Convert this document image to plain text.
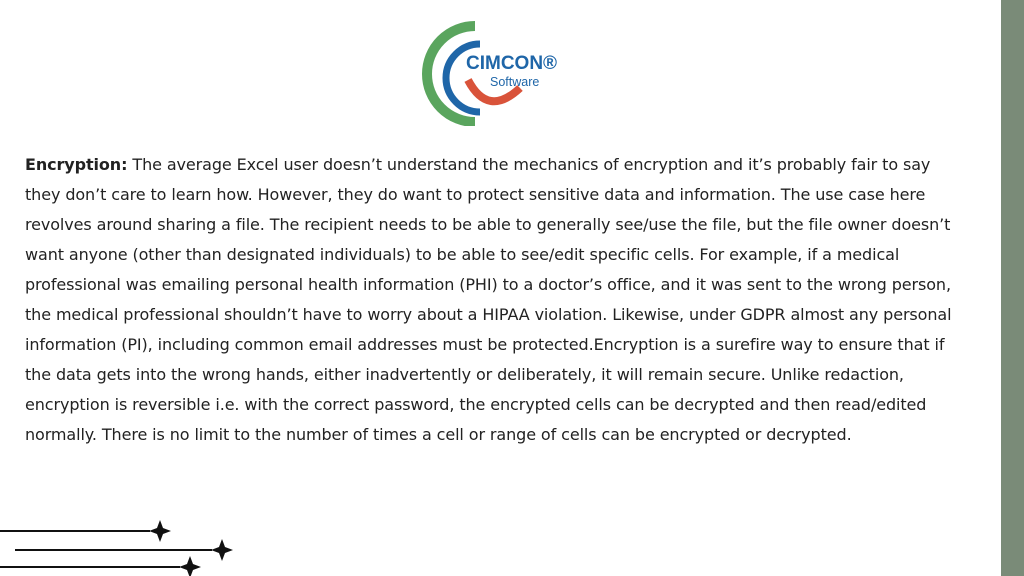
CIMCON®
Software

Encryption: The average Excel user doesn’t understand the mechanics of encryption and it’s probably fair to say they don’t care to learn how. However, they do want to protect sensitive data and information. The use case here revolves around sharing a file. The recipient needs to be able to generally see/use the file, but the file owner doesn’t want anyone (other than designated individuals) to be able to see/edit specific cells. For example, if a medical professional was emailing personal health information (PHI) to a doctor’s office, and it was sent to the wrong person, the medical professional shouldn’t have to worry about a HIPAA violation. Likewise, under GDPR almost any personal information (PI), including common email addresses must be protected.Encryption is a surefire way to ensure that if the data gets into the wrong hands, either inadvertently or deliberately, it will remain secure. Unlike redaction, encryption is reversible i.e. with the correct password, the encrypted cells can be decrypted and then read/edited normally. There is no limit to the number of times a cell or range of cells can be encrypted or decrypted.
